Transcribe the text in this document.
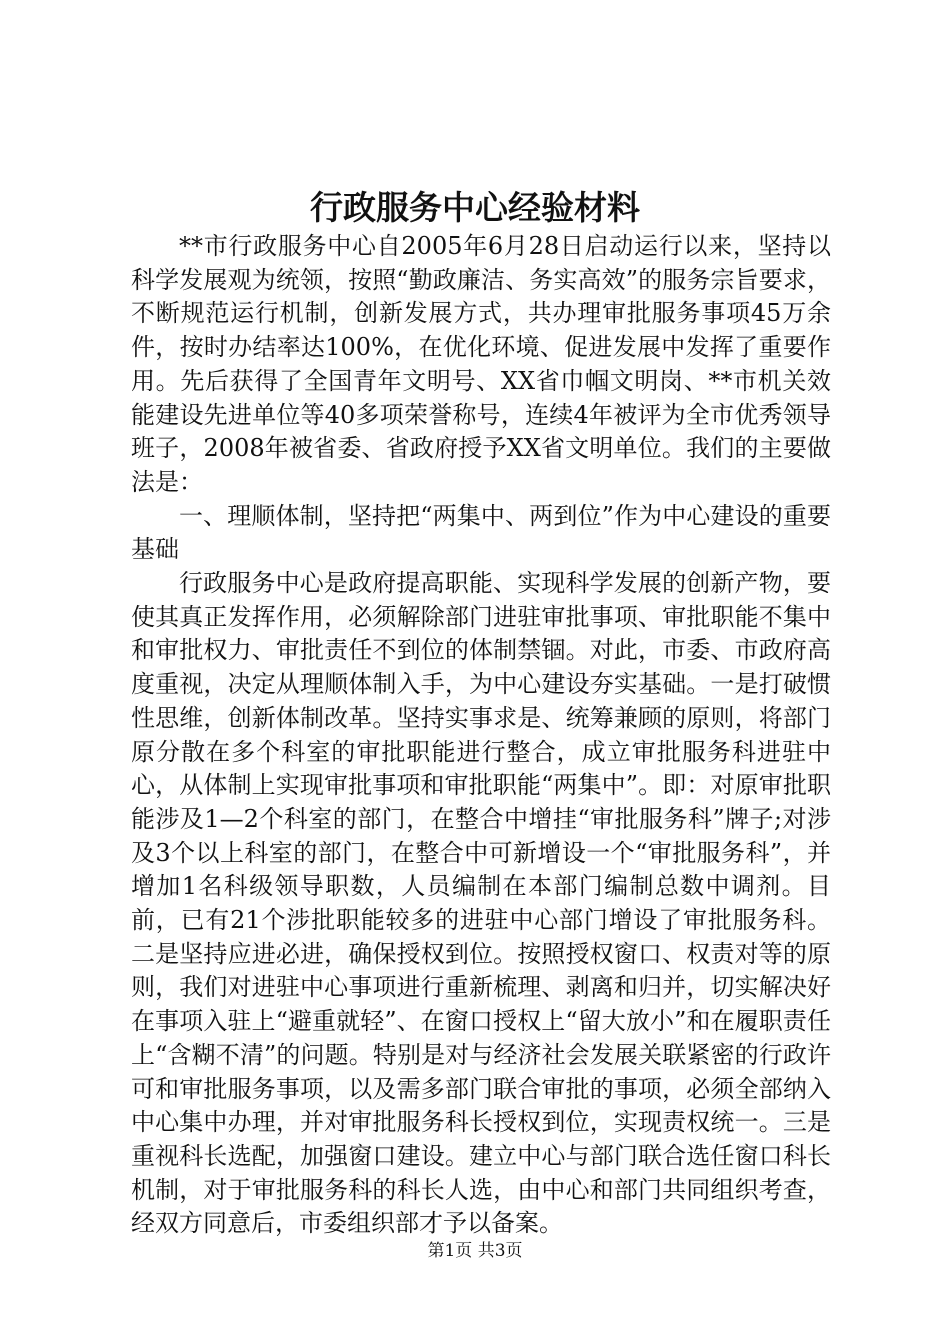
行政服务中心经验材料

**市行政服务中心自2005年6月28日启动运行以来，坚持以科学发展观为统领，按照“勤政廉洁、务实高效”的服务宗旨要求，不断规范运行机制，创新发展方式，共办理审批服务事项45万余件，按时办结率达100%，在优化环境、促进发展中发挥了重要作用。先后获得了全国青年文明号、XX省巾帼文明岗、**市机关效能建设先进单位等40多项荣誉称号，连续4年被评为全市优秀领导班子，2008年被省委、省政府授予XX省文明单位。我们的主要做法是：

一、理顺体制，坚持把“两集中、两到位”作为中心建设的重要基础

行政服务中心是政府提高职能、实现科学发展的创新产物，要使其真正发挥作用，必须解除部门进驻审批事项、审批职能不集中和审批权力、审批责任不到位的体制禁锢。对此，市委、市政府高度重视，决定从理顺体制入手，为中心建设夯实基础。一是打破惯性思维，创新体制改革。坚持实事求是、统筹兼顾的原则，将部门原分散在多个科室的审批职能进行整合，成立审批服务科进驻中心，从体制上实现审批事项和审批职能“两集中”。即：对原审批职能涉及1—2个科室的部门，在整合中增挂“审批服务科”牌子;对涉及3个以上科室的部门，在整合中可新增设一个“审批服务科”，并增加1名科级领导职数，人员编制在本部门编制总数中调剂。目前，已有21个涉批职能较多的进驻中心部门增设了审批服务科。二是坚持应进必进，确保授权到位。按照授权窗口、权责对等的原则，我们对进驻中心事项进行重新梳理、剥离和归并，切实解决好在事项入驻上“避重就轻”、在窗口授权上“留大放小”和在履职责任上“含糊不清”的问题。特别是对与经济社会发展关联紧密的行政许可和审批服务事项，以及需多部门联合审批的事项，必须全部纳入中心集中办理，并对审批服务科长授权到位，实现责权统一。三是重视科长选配，加强窗口建设。建立中心与部门联合选任窗口科长机制，对于审批服务科的科长人选，由中心和部门共同组织考查，经双方同意后，市委组织部才予以备案。

第1页 共3页
